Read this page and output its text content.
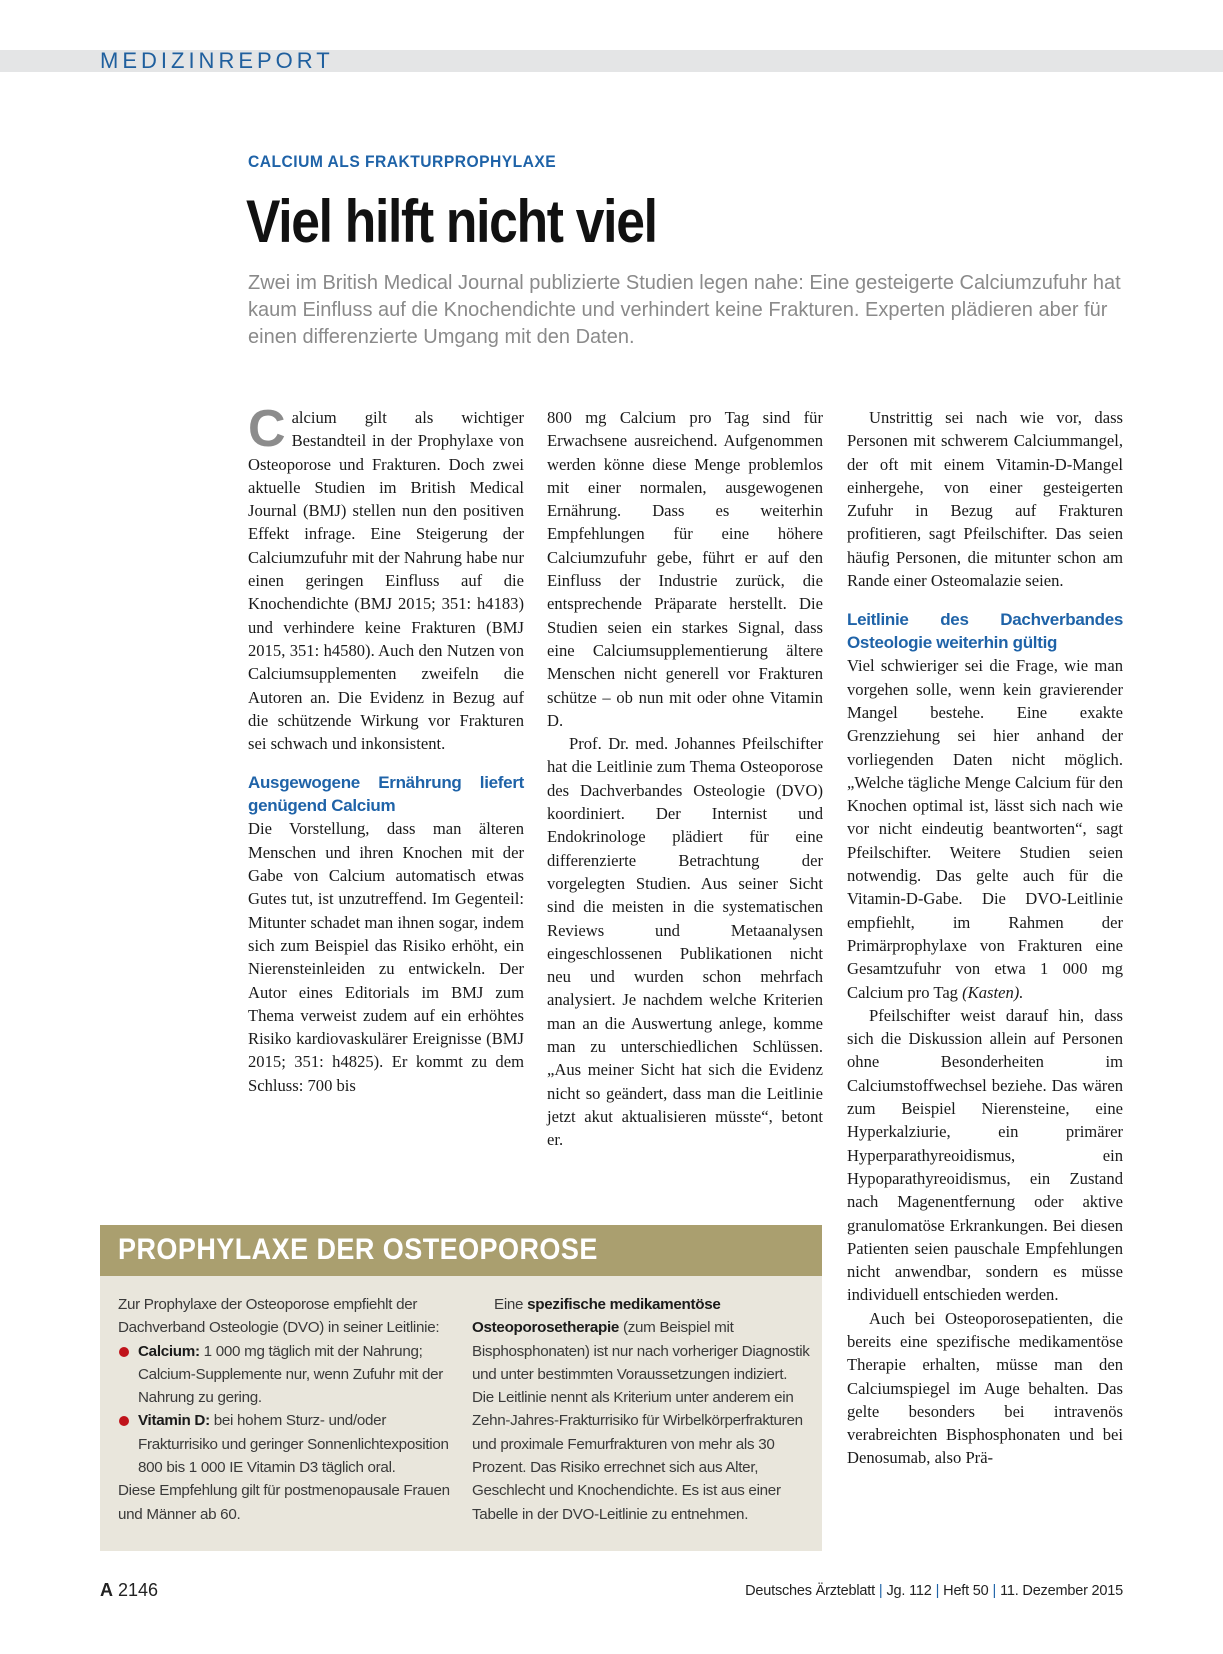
MEDIZINREPORT
CALCIUM ALS FRAKTURPROPHYLAXE
Viel hilft nicht viel
Zwei im British Medical Journal publizierte Studien legen nahe: Eine gesteigerte Calciumzufuhr hat kaum Einfluss auf die Knochendichte und verhindert keine Frakturen. Experten plädieren aber für einen differenzierte Umgang mit den Daten.
C alcium gilt als wichtiger Bestandteil in der Prophylaxe von Osteoporose und Frakturen. Doch zwei aktuelle Studien im British Medical Journal (BMJ) stellen nun den positiven Effekt infrage. Eine Steigerung der Calciumzufuhr mit der Nahrung habe nur einen geringen Einfluss auf die Knochendichte (BMJ 2015; 351: h4183) und verhindere keine Frakturen (BMJ 2015, 351: h4580). Auch den Nutzen von Calciumsupplementen zweifeln die Autoren an. Die Evidenz in Bezug auf die schützende Wirkung vor Frakturen sei schwach und inkonsistent.

Ausgewogene Ernährung liefert genügend Calcium

Die Vorstellung, dass man älteren Menschen und ihren Knochen mit der Gabe von Calcium automatisch etwas Gutes tut, ist unzutreffend. Im Gegenteil: Mitunter schadet man ihnen sogar, indem sich zum Beispiel das Risiko erhöht, ein Nierensteinleiden zu entwickeln. Der Autor eines Editorials im BMJ zum Thema verweist zudem auf ein erhöhtes Risiko kardiovaskulärer Ereignisse (BMJ 2015; 351: h4825). Er kommt zu dem Schluss: 700 bis

800 mg Calcium pro Tag sind für Erwachsene ausreichend. Aufgenommen werden könne diese Menge problemlos mit einer normalen, ausgewogenen Ernährung. Dass es weiterhin Empfehlungen für eine höhere Calciumzufuhr gebe, führt er auf den Einfluss der Industrie zurück, die entsprechende Präparate herstellt. Die Studien seien ein starkes Signal, dass eine Calciumsupplementierung ältere Menschen nicht generell vor Frakturen schütze – ob nun mit oder ohne Vitamin D.

Prof. Dr. med. Johannes Pfeilschifter hat die Leitlinie zum Thema Osteoporose des Dachverbandes Osteologie (DVO) koordiniert. Der Internist und Endokrinologe plädiert für eine differenzierte Betrachtung der vorgelegten Studien. Aus seiner Sicht sind die meisten in die systematischen Reviews und Metaanalysen eingeschlossenen Publikationen nicht neu und wurden schon mehrfach analysiert. Je nachdem welche Kriterien man an die Auswertung anlege, komme man zu unterschiedlichen Schlüssen. „Aus meiner Sicht hat sich die Evidenz nicht so geändert, dass man die Leitlinie jetzt akut aktualisieren müsste“, betont er.

Unstrittig sei nach wie vor, dass Personen mit schwerem Calciummangel, der oft mit einem Vitamin-D-Mangel einhergehe, von einer gesteigerten Zufuhr in Bezug auf Frakturen profitieren, sagt Pfeilschifter. Das seien häufig Personen, die mitunter schon am Rande einer Osteomalazie seien.

Leitlinie des Dachverbandes Osteologie weiterhin gültig

Viel schwieriger sei die Frage, wie man vorgehen solle, wenn kein gravierender Mangel bestehe. Eine exakte Grenzziehung sei hier anhand der vorliegenden Daten nicht möglich. „Welche tägliche Menge Calcium für den Knochen optimal ist, lässt sich nach wie vor nicht eindeutig beantworten“, sagt Pfeilschifter. Weitere Studien seien notwendig. Das gelte auch für die Vitamin-D-Gabe. Die DVO-Leitlinie empfiehlt, im Rahmen der Primärprophylaxe von Frakturen eine Gesamtzufuhr von etwa 1 000 mg Calcium pro Tag (Kasten).

Pfeilschifter weist darauf hin, dass sich die Diskussion allein auf Personen ohne Besonderheiten im Calciumstoffwechsel beziehe. Das wären zum Beispiel Nierensteine, eine Hyperkalziurie, ein primärer Hyperparathyreoidismus, ein Hypoparathyreoidismus, ein Zustand nach Magenentfernung oder aktive granulomatöse Erkrankungen. Bei diesen Patienten seien pauschale Empfehlungen nicht anwendbar, sondern es müsse individuell entschieden werden.

Auch bei Osteoporosepatienten, die bereits eine spezifische medikamentöse Therapie erhalten, müsse man den Calciumspiegel im Auge behalten. Das gelte besonders bei intravenös verabreichten Bisphosphonaten und bei Denosumab, also Prä-

PROPHYLAXE DER OSTEOPOROSE

Zur Prophylaxe der Osteoporose empfiehlt der Dachverband Osteologie (DVO) in seiner Leitlinie:

Calcium: 1 000 mg täglich mit der Nahrung; Calcium-Supplemente nur, wenn Zufuhr mit der Nahrung zu gering.

Vitamin D: bei hohem Sturz- und/oder Frakturrisiko und geringer Sonnenlichtexposition 800 bis 1 000 IE Vitamin D3 täglich oral.

Diese Empfehlung gilt für postmenopausale Frauen und Männer ab 60.

Eine spezifische medikamentöse Osteoporosetherapie (zum Beispiel mit Bisphosphonaten) ist nur nach vorheriger Diagnostik und unter bestimmten Voraussetzungen indiziert. Die Leitlinie nennt als Kriterium unter anderem ein Zehn-Jahres-Frakturrisiko für Wirbelkörperfrakturen und proximale Femurfrakturen von mehr als 30 Prozent. Das Risiko errechnet sich aus Alter, Geschlecht und Knochendichte. Es ist aus einer Tabelle in der DVO-Leitlinie zu entnehmen.

A 2146	Deutsches Ärzteblatt | Jg. 112 | Heft 50 | 11. Dezember 2015
